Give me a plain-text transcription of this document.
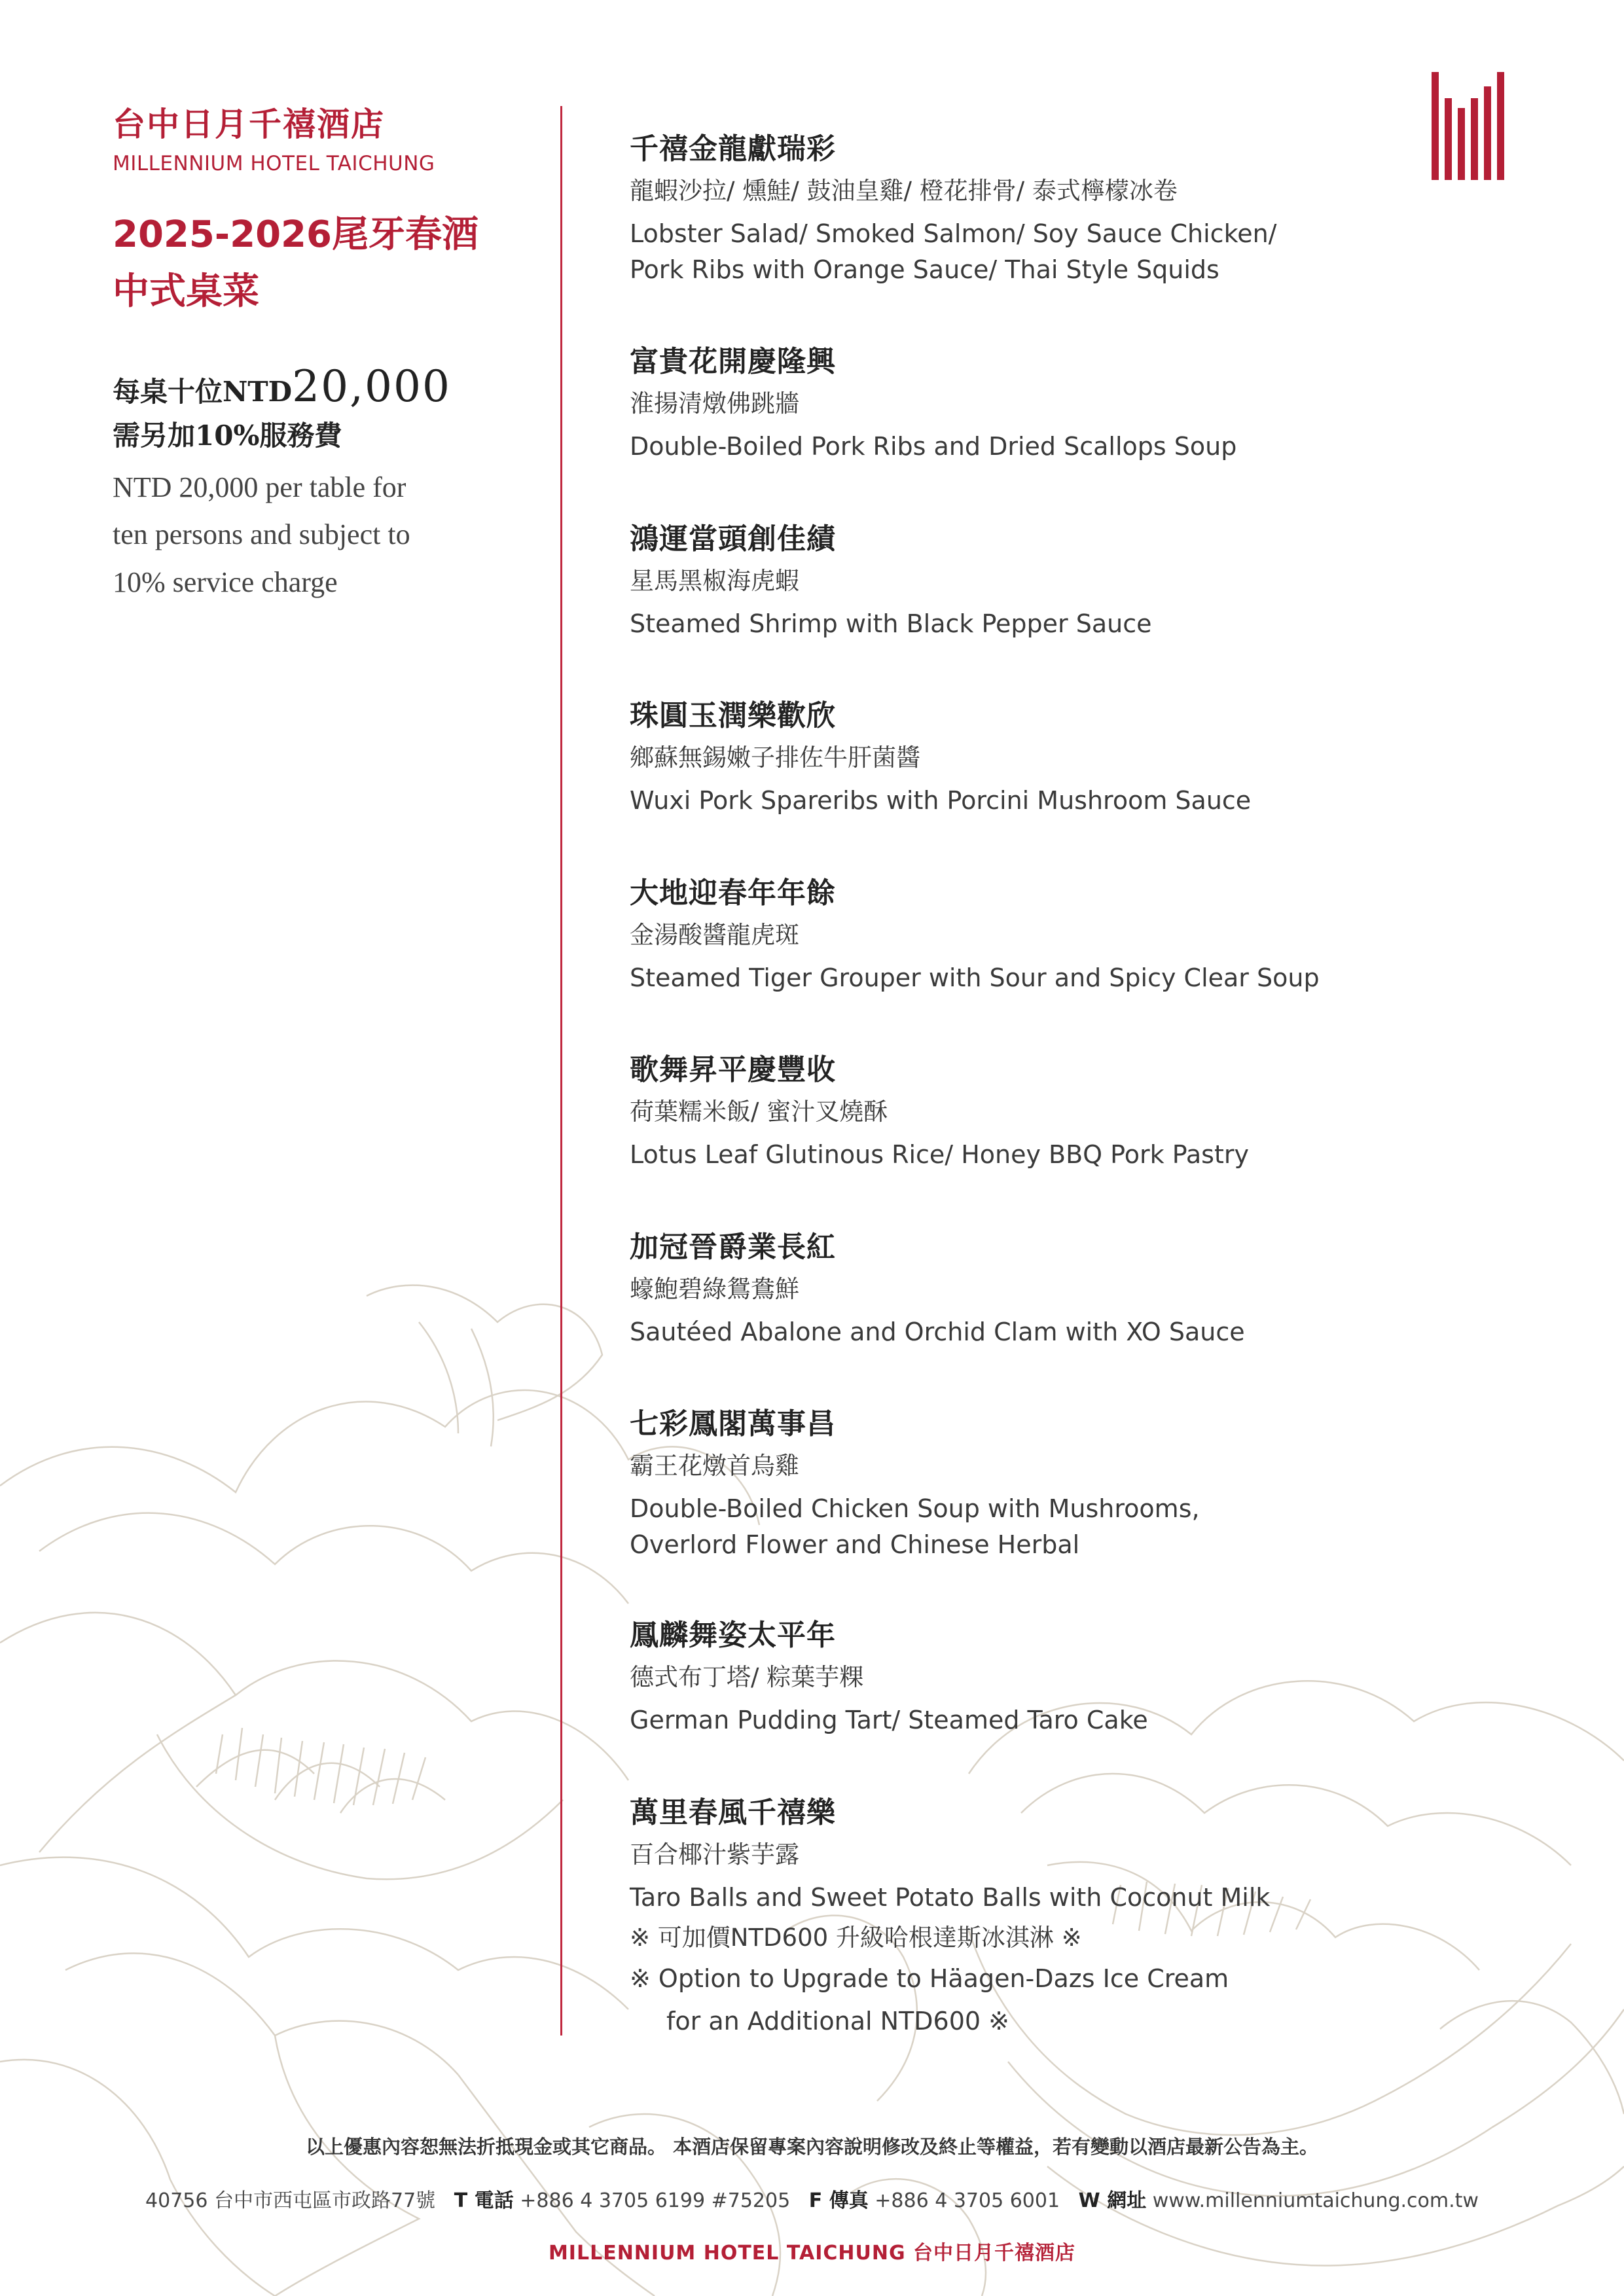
台中日月千禧酒店
MILLENNIUM HOTEL TAICHUNG
2025-2026尾牙春酒
中式桌菜
每桌十位NTD20,000
需另加10%服務費
NTD 20,000 per table for
ten persons and subject to
10% service charge
千禧金龍獻瑞彩
龍蝦沙拉/ 燻鮭/ 鼓油皇雞/ 橙花排骨/ 泰式檸檬冰卷
Lobster Salad/ Smoked Salmon/ Soy Sauce Chicken/
Pork Ribs with Orange Sauce/ Thai Style Squids
富貴花開慶隆興
淮揚清燉佛跳牆
Double-Boiled Pork Ribs and Dried Scallops Soup
鴻運當頭創佳績
星馬黑椒海虎蝦
Steamed Shrimp with Black Pepper Sauce
珠圓玉潤樂歡欣
鄉蘇無錫嫩子排佐牛肝菌醬
Wuxi Pork Spareribs with Porcini Mushroom Sauce
大地迎春年年餘
金湯酸醬龍虎斑
Steamed Tiger Grouper with Sour and Spicy Clear Soup
歌舞昇平慶豐收
荷葉糯米飯/ 蜜汁叉燒酥
Lotus Leaf Glutinous Rice/ Honey BBQ Pork Pastry
加冠晉爵業長紅
蠔鮑碧綠鴛鴦鮮
Sautéed Abalone and Orchid Clam with XO Sauce
七彩鳳閣萬事昌
霸王花燉首烏雞
Double-Boiled Chicken Soup with Mushrooms,
Overlord Flower and Chinese Herbal
鳳麟舞姿太平年
德式布丁塔/ 粽葉芋粿
German Pudding Tart/ Steamed Taro Cake
萬里春風千禧樂
百合椰汁紫芋露
Taro Balls and Sweet Potato Balls with Coconut Milk
※ 可加價NTD600 升級哈根達斯冰淇淋 ※
※ Option to Upgrade to Häagen-Dazs Ice Cream
for an Additional NTD600 ※
以上優惠內容恕無法折抵現金或其它商品。 本酒店保留專案內容說明修改及終止等權益，若有變動以酒店最新公告為主。
40756 台中市西屯區市政路77號 T 電話 +886 4 3705 6199 #75205 F 傳真 +886 4 3705 6001 W 網址 www.millenniumtaichung.com.tw
MILLENNIUM HOTEL TAICHUNG 台中日月千禧酒店
